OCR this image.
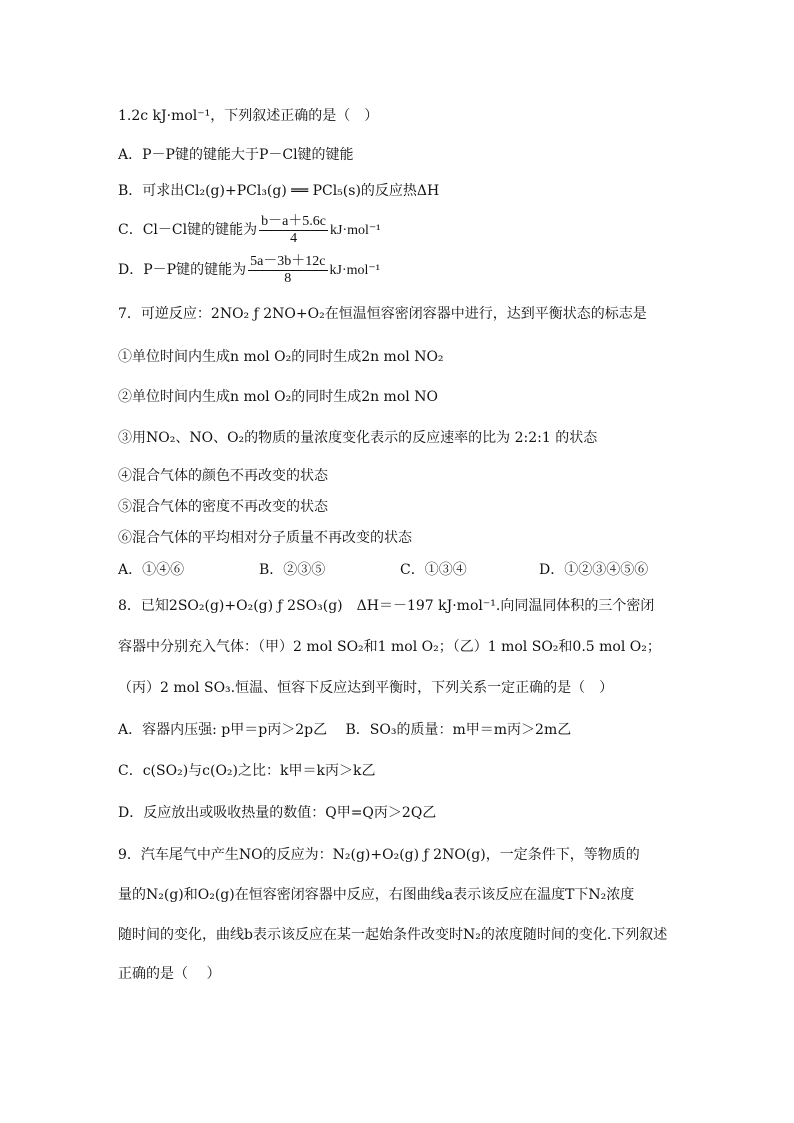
1.2c kJ·mol⁻¹，下列叙述正确的是（　）
A．P－P键的键能大于P－Cl键的键能
B．可求出Cl₂(g)+PCl₃(g) ══ PCl₅(s)的反应热ΔH
C．Cl－Cl键的键能为 $\frac{b-a+5.6c}{4} kJ\cdot mol^{-1}$
D．P－P键的键能为 $\frac{5a-3b+12c}{8} kJ\cdot mol^{-1}$
7．可逆反应：2NO₂ ƒ 2NO+O₂在恒温恒容密闭容器中进行，达到平衡状态的标志是
①单位时间内生成n mol O₂的同时生成2n mol NO₂
②单位时间内生成n mol O₂的同时生成2n mol NO
③用NO₂、NO、O₂的物质的量浓度变化表示的反应速率的比为 2:2:1 的状态
④混合气体的颜色不再改变的状态
⑤混合气体的密度不再改变的状态
⑥混合气体的平均相对分子质量不再改变的状态
A．①④⑥	B．②③⑤	C．①③④	D．①②③④⑤⑥
8．已知2SO₂(g)+O₂(g) ƒ 2SO₃(g)　ΔH＝－197 kJ·mol⁻¹.向同温同体积的三个密闭
容器中分别充入气体：（甲）2 mol SO₂和1 mol O₂；（乙）1 mol SO₂和0.5 mol O₂；
（丙）2 mol SO₃.恒温、恒容下反应达到平衡时，下列关系一定正确的是（　）
A．容器内压强: p甲＝p丙＞2p乙　 B．SO₃的质量：m甲＝m丙＞2m乙
C．c(SO₂)与c(O₂)之比：k甲＝k丙＞k乙
D．反应放出或吸收热量的数值：Q甲=Q丙＞2Q乙
9．汽车尾气中产生NO的反应为：N₂(g)+O₂(g) ƒ 2NO(g)，一定条件下，等物质的
量的N₂(g)和O₂(g)在恒容密闭容器中反应，右图曲线a表示该反应在温度T下N₂浓度
随时间的变化，曲线b表示该反应在某一起始条件改变时N₂的浓度随时间的变化.下列叙述
正确的是（　 ）
